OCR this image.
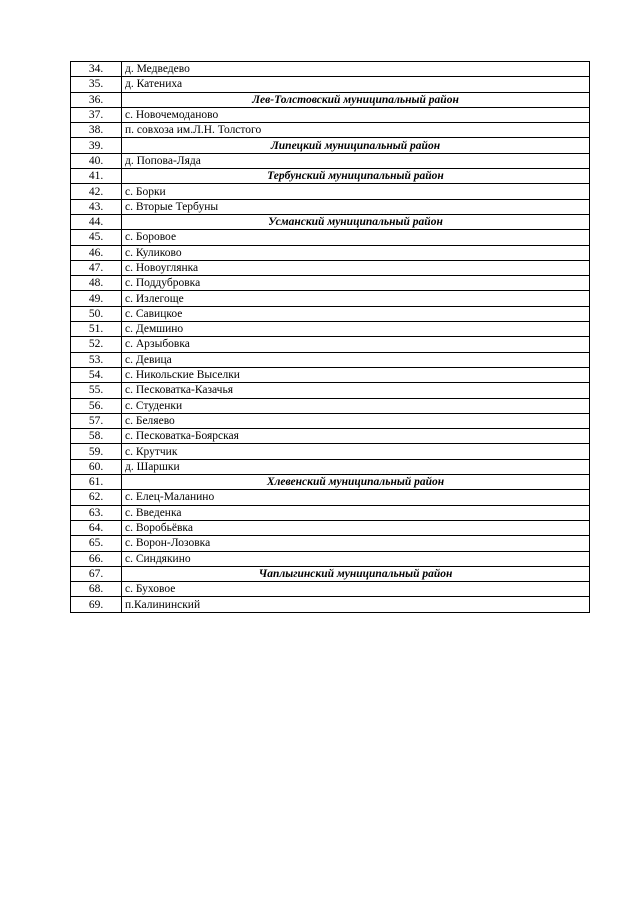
34.	д. Медведево
35.	д. Катениха
36.	Лев-Толстовский муниципальный район
37.	с. Новочемоданово
38.	п. совхоза им.Л.Н. Толстого
39.	Липецкий муниципальный район
40.	д. Попова-Ляда
41.	Тербунский муниципальный район
42.	с. Борки
43.	с. Вторые Тербуны
44.	Усманский муниципальный район
45.	с. Боровое
46.	с. Куликово
47.	с. Новоуглянка
48.	с. Поддубровка
49.	с. Излегоще
50.	с. Савицкое
51.	с. Демшино
52.	с. Арзыбовка
53.	с. Девица
54.	с. Никольские Выселки
55.	с. Песковатка-Казачья
56.	с. Студенки
57.	с. Беляево
58.	с. Песковатка-Боярская
59.	с. Крутчик
60.	д. Шаршки
61.	Хлевенский муниципальный район
62.	с. Елец-Маланино
63.	с. Введенка
64.	с. Воробьёвка
65.	с. Ворон-Лозовка
66.	с. Синдякино
67.	Чаплыгинский муниципальный район
68.	с. Буховое
69.	п.Калининский
